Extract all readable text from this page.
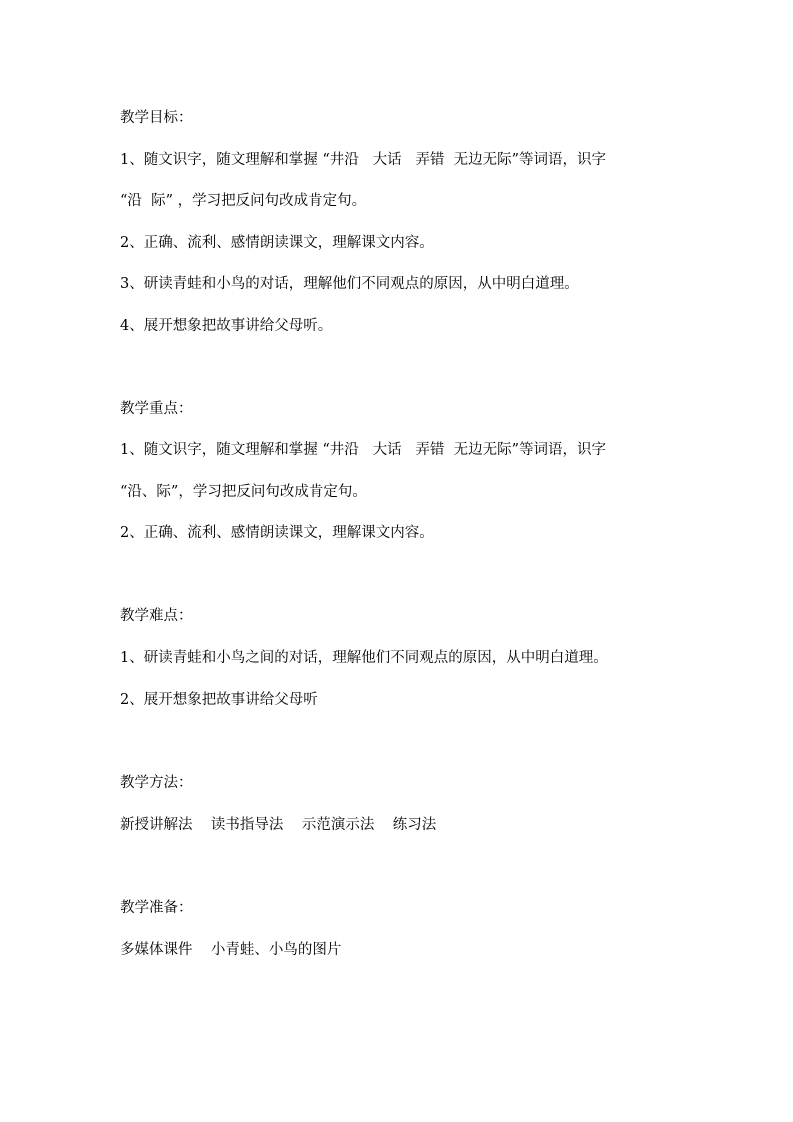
教学目标：
1、随文识字，随文理解和掌握 “井沿   大话   弄错  无边无际”等词语，识字
“沿  际” ，学习把反问句改成肯定句。
2、正确、流利、感情朗读课文，理解课文内容。
3、研读青蛙和小鸟的对话，理解他们不同观点的原因，从中明白道理。
4、展开想象把故事讲给父母听。
教学重点：
1、随文识字，随文理解和掌握 “井沿   大话   弄错  无边无际”等词语，识字
“沿、际”，学习把反问句改成肯定句。
2、正确、流利、感情朗读课文，理解课文内容。
教学难点：
1、研读青蛙和小鸟之间的对话，理解他们不同观点的原因，从中明白道理。
2、展开想象把故事讲给父母听
教学方法：
新授讲解法    读书指导法    示范演示法    练习法
教学准备：
多媒体课件    小青蛙、小鸟的图片
